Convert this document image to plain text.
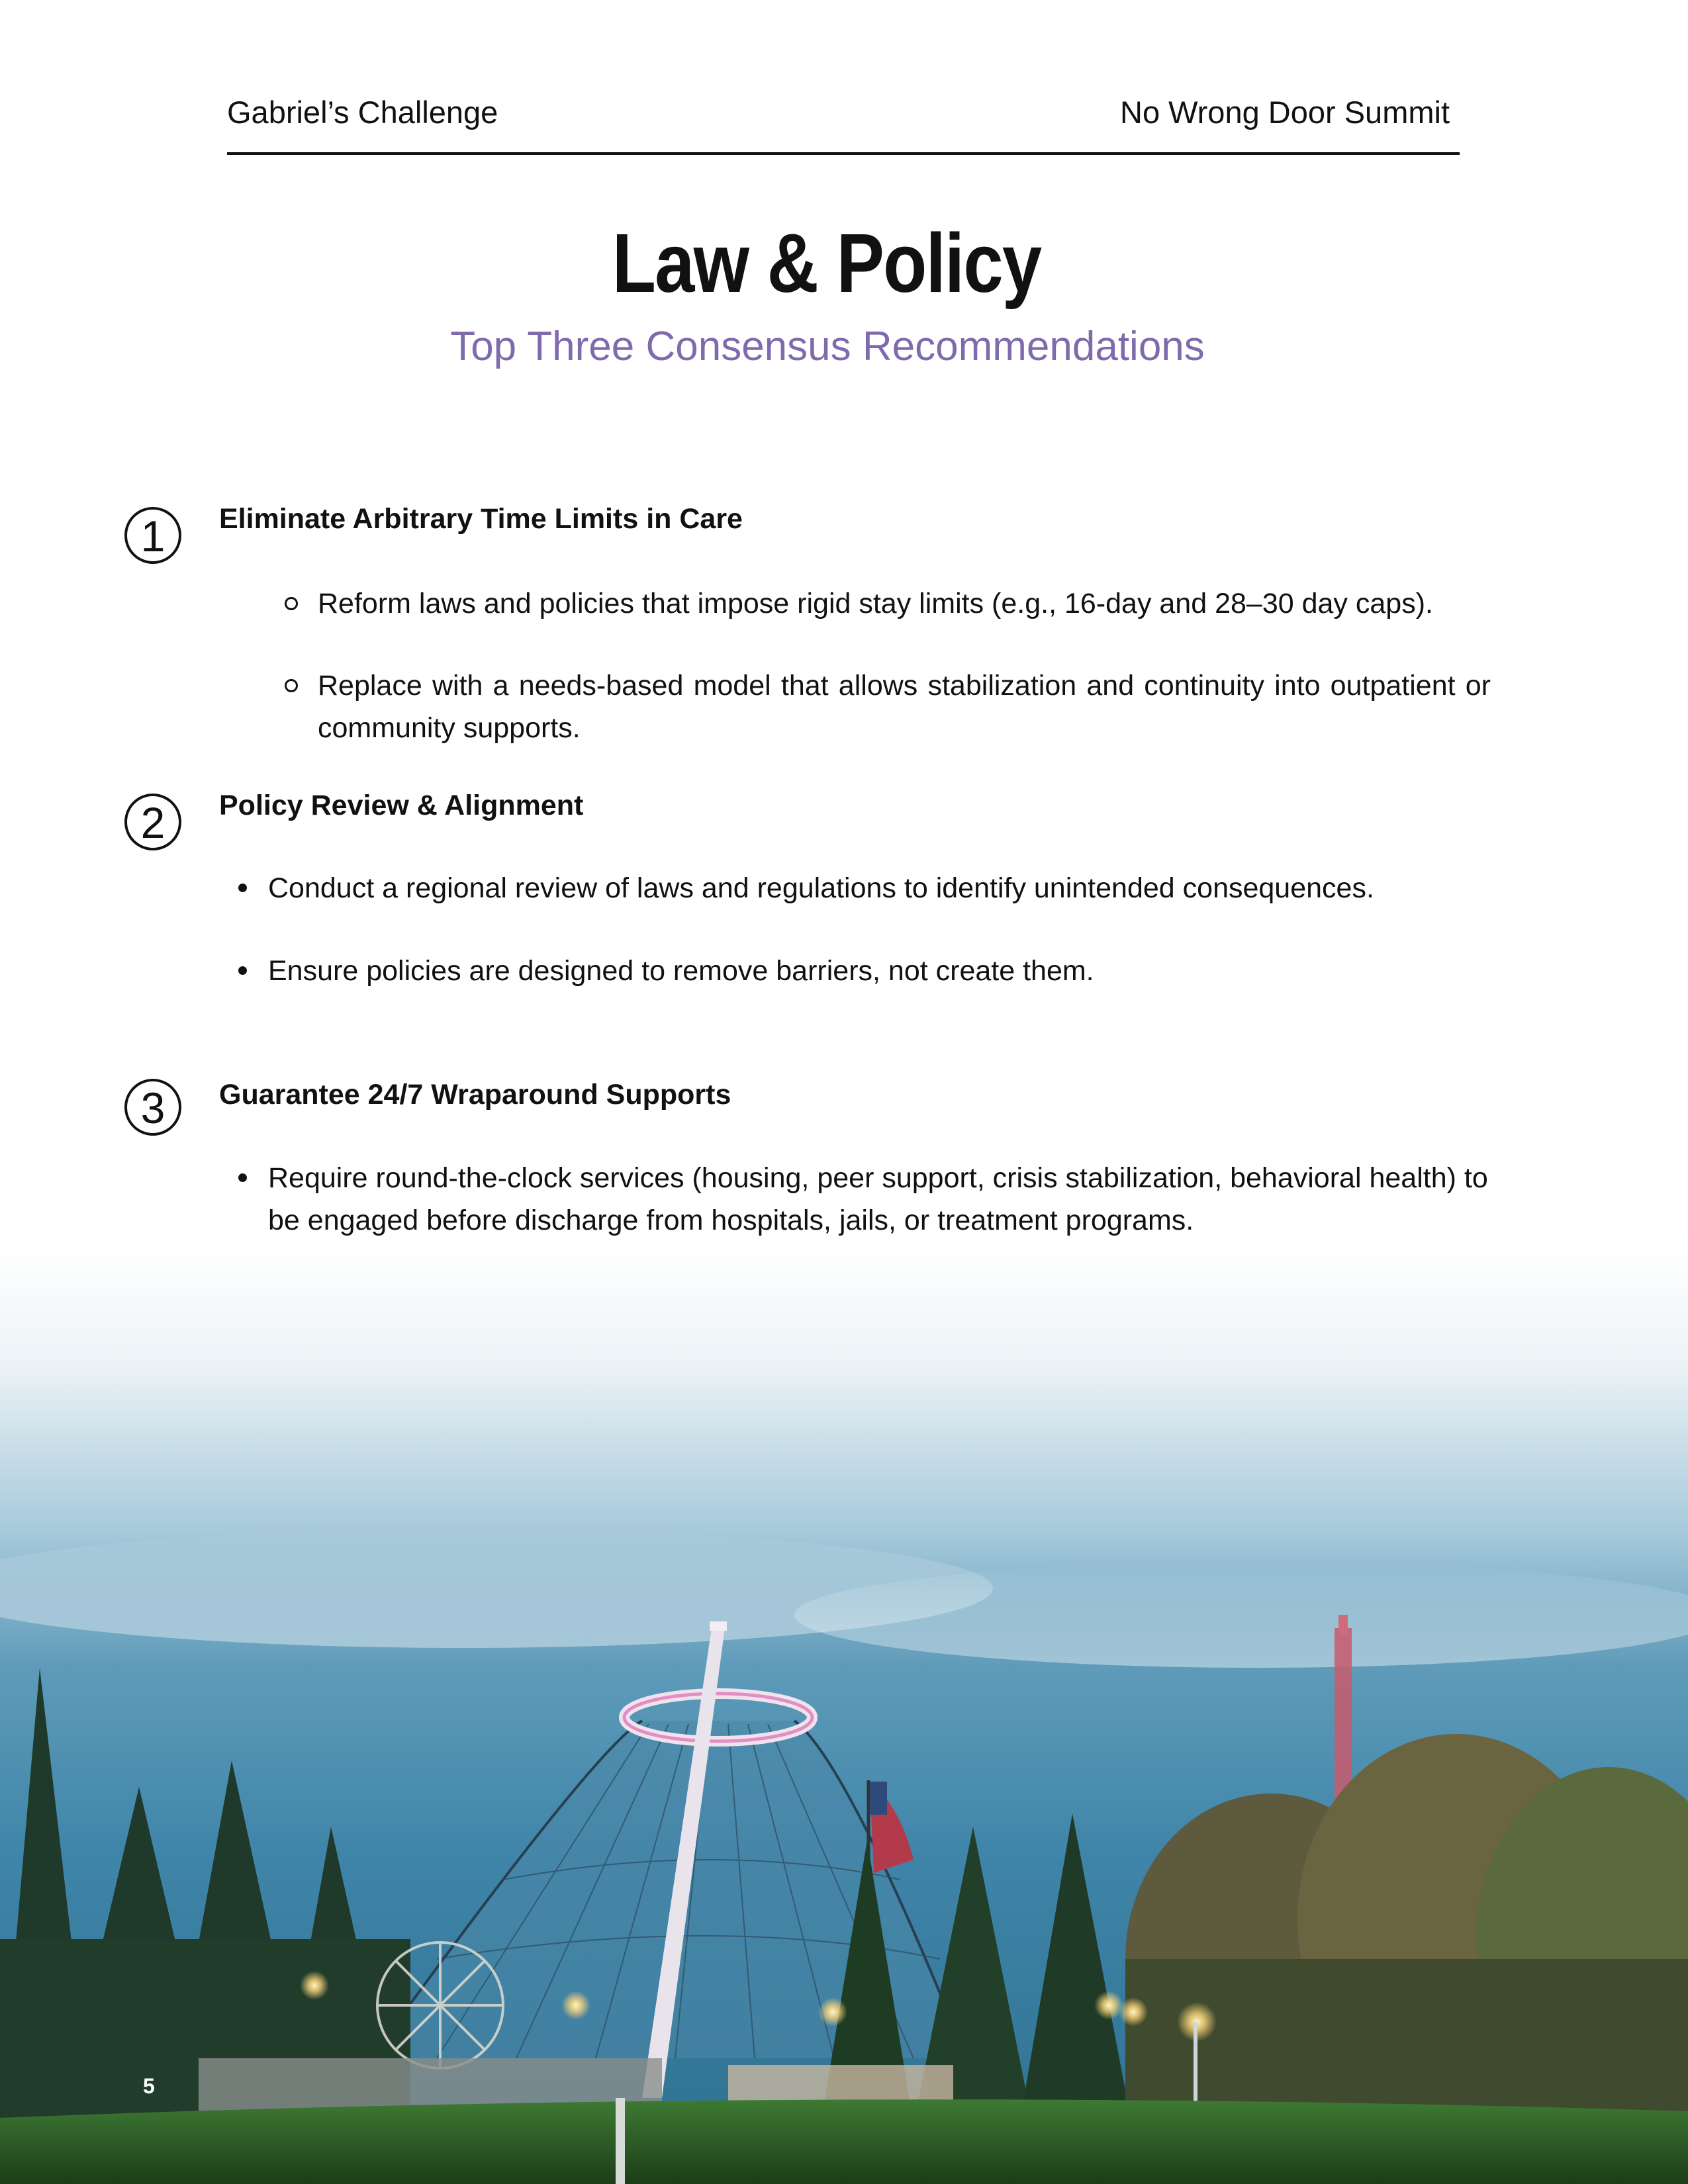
Gabriel’s Challenge	No Wrong Door Summit
Law & Policy
Top Three Consensus Recommendations
1	Eliminate Arbitrary Time Limits in Care
Reform laws and policies that impose rigid stay limits (e.g., 16-day and 28–30 day caps).
Replace with a needs-based model that allows stabilization and continuity into outpatient or community supports.
2	Policy Review & Alignment
Conduct a regional review of laws and regulations to identify unintended consequences.
Ensure policies are designed to remove barriers, not create them.
3	Guarantee 24/7 Wraparound Supports
Require round-the-clock services (housing, peer support, crisis stabilization, behavioral health) to be engaged before discharge from hospitals, jails, or treatment programs.
5
